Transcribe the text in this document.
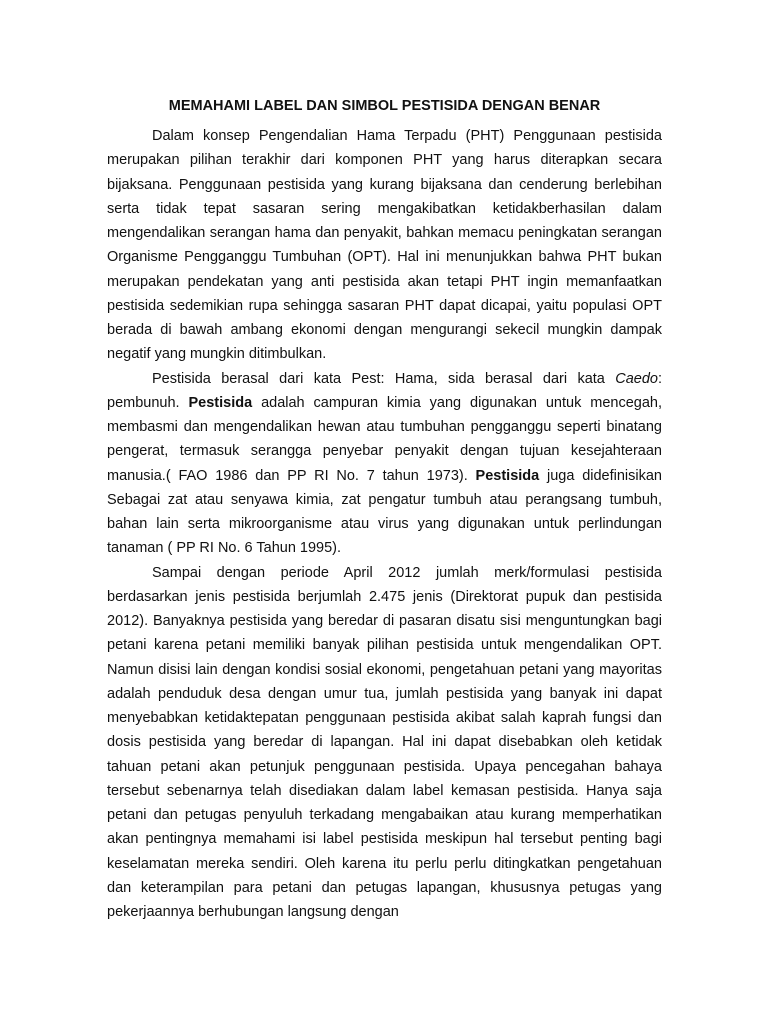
MEMAHAMI LABEL DAN SIMBOL PESTISIDA DENGAN BENAR

Dalam konsep Pengendalian Hama Terpadu (PHT) Penggunaan pestisida merupakan pilihan terakhir dari komponen PHT yang harus diterapkan secara bijaksana. Penggunaan pestisida yang kurang bijaksana dan cenderung berlebihan serta tidak tepat sasaran sering mengakibatkan ketidakberhasilan dalam mengendalikan serangan hama dan penyakit, bahkan memacu peningkatan serangan Organisme Pengganggu Tumbuhan (OPT). Hal ini menunjukkan bahwa PHT bukan merupakan pendekatan yang anti pestisida akan tetapi PHT ingin memanfaatkan pestisida sedemikian rupa sehingga sasaran PHT dapat dicapai, yaitu populasi OPT berada di bawah ambang ekonomi dengan mengurangi sekecil mungkin dampak negatif yang mungkin ditimbulkan.

Pestisida berasal dari kata Pest: Hama, sida berasal dari kata Caedo: pembunuh. Pestisida adalah campuran kimia yang digunakan untuk mencegah, membasmi dan mengendalikan hewan atau tumbuhan pengganggu seperti binatang pengerat, termasuk serangga penyebar penyakit dengan tujuan kesejahteraan manusia.( FAO 1986 dan PP RI No. 7 tahun 1973). Pestisida juga didefinisikan Sebagai zat atau senyawa kimia, zat pengatur tumbuh atau perangsang tumbuh, bahan lain serta mikroorganisme atau virus yang digunakan untuk perlindungan tanaman ( PP RI No. 6 Tahun 1995).

Sampai dengan periode April 2012 jumlah merk/formulasi pestisida berdasarkan jenis pestisida berjumlah 2.475 jenis (Direktorat pupuk dan pestisida 2012). Banyaknya pestisida yang beredar di pasaran disatu sisi menguntungkan bagi petani karena petani memiliki banyak pilihan pestisida untuk mengendalikan OPT. Namun disisi lain dengan kondisi sosial ekonomi, pengetahuan petani yang mayoritas adalah penduduk desa dengan umur tua, jumlah pestisida yang banyak ini dapat menyebabkan ketidaktepatan penggunaan pestisida akibat salah kaprah fungsi dan dosis pestisida yang beredar di lapangan. Hal ini dapat disebabkan oleh ketidak tahuan petani akan petunjuk penggunaan pestisida. Upaya pencegahan bahaya tersebut sebenarnya telah disediakan dalam label kemasan pestisida. Hanya saja petani dan petugas penyuluh terkadang mengabaikan atau kurang memperhatikan akan pentingnya memahami isi label pestisida meskipun hal tersebut penting bagi keselamatan mereka sendiri. Oleh karena itu perlu perlu ditingkatkan pengetahuan dan keterampilan para petani dan petugas lapangan, khususnya petugas yang pekerjaannya berhubungan langsung dengan
